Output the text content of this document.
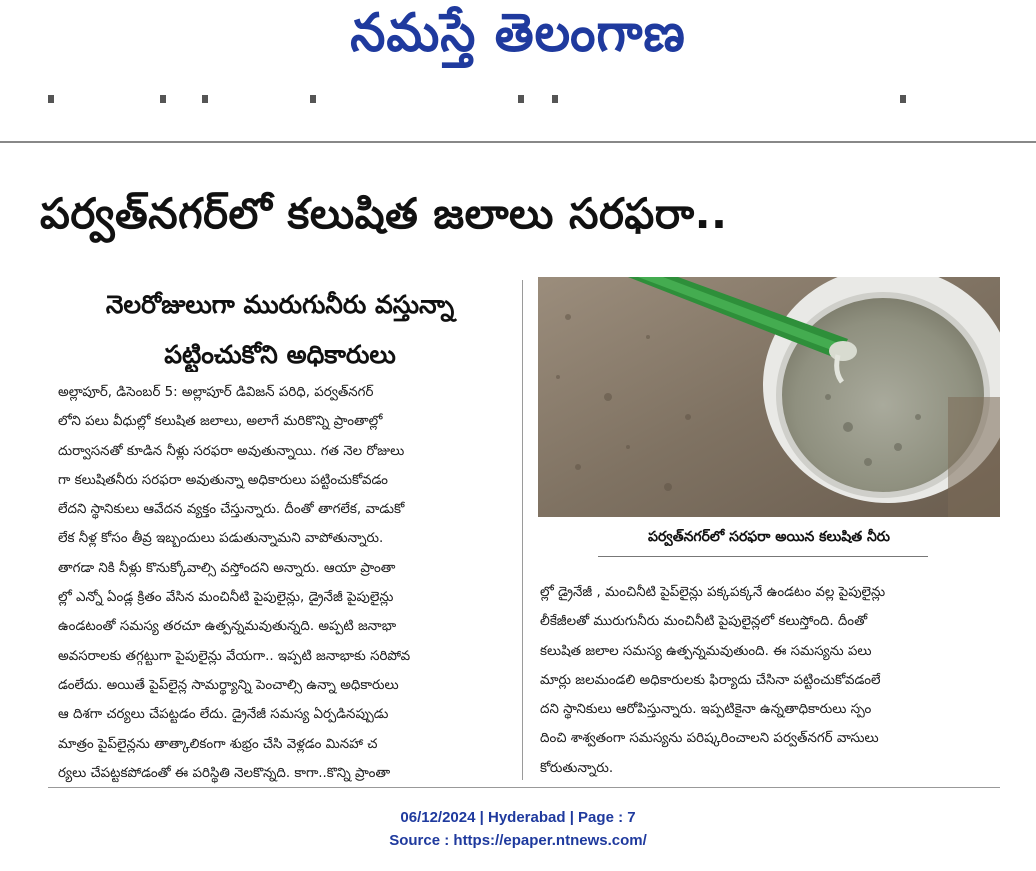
నమస్తే తెలంగాణ
పర్వత్‌నగర్‌లో కలుషిత జలాలు సరఫరా..
నెలరోజులుగా మురుగునీరు వస్తున్నా
పట్టించుకోని అధికారులు

అల్లాపూర్‌, డిసెంబర్‌ 5: అల్లాపూర్‌ డివిజన్‌ పరిధి, పర్వత్‌నగర్‌

లోని పలు వీధుల్లో కలుషిత జలాలు, అలాగే మరికొన్ని ప్రాంతాల్లో

దుర్వాసనతో కూడిన నీళ్లు సరఫరా అవుతున్నాయి. గత నెల రోజులు

గా కలుషితనీరు సరఫరా అవుతున్నా అధికారులు పట్టించుకోవడం

లేదని స్థానికులు ఆవేదన వ్యక్తం చేస్తున్నారు. దీంతో తాగలేక, వాడుకో

లేక నీళ్ల కోసం తీవ్ర ఇబ్బందులు పడుతున్నామని వాపోతున్నారు.

తాగడా నికి నీళ్లు కొనుక్కోవాల్సి వస్తోందని అన్నారు. ఆయా ప్రాంతా

ల్లో ఎన్నో ఏండ్ల క్రితం వేసిన మంచినీటి పైపులైన్లు, డ్రైనేజీ పైపులైన్లు

ఉండటంతో సమస్య తరచూ ఉత్పన్నమవుతున్నది. అప్పటి జనాభా

అవసరాలకు తగ్గట్టుగా పైపులైన్లు వేయగా.. ఇప్పటి జనాభాకు సరిపోవ

డంలేదు. అయితే పైప్‌లైన్ల సామర్థ్యాన్ని పెంచాల్సి ఉన్నా అధికారులు

ఆ దిశగా చర్యలు చేపట్టడం లేదు. డ్రైనేజీ సమస్య ఏర్పడినప్పుడు

మాత్రం పైప్‌లైన్లను తాత్కాలికంగా శుభ్రం చేసి వెళ్లడం మినహా చ

ర్యలు చేపట్టకపోడంతో ఈ పరిస్థితి నెలకొన్నది. కాగా..కొన్ని ప్రాంతా

పర్వత్‌నగర్‌లో సరఫరా అయిన కలుషిత నీరు

ల్లో డ్రైనేజీ , మంచినీటి పైప్‌లైన్లు పక్కపక్కనే ఉండటం వల్ల పైపులైన్లు

లీకేజీలతో మురుగునీరు మంచినీటి పైపులైన్లలో కలుస్తోంది. దీంతో

కలుషిత జలాల సమస్య ఉత్పన్నమవుతుంది. ఈ సమస్యను పలు

మార్లు జలమండలి అధికారులకు ఫిర్యాదు చేసినా పట్టించుకోవడంలే

దని స్థానికులు ఆరోపిస్తున్నారు. ఇప్పటికైనా ఉన్నతాధికారులు స్పం

దించి శాశ్వతంగా సమస్యను పరిష్కరించాలని పర్వత్‌నగర్‌ వాసులు

కోరుతున్నారు.

06/12/2024 | Hyderabad | Page : 7
Source : https://epaper.ntnews.com/
